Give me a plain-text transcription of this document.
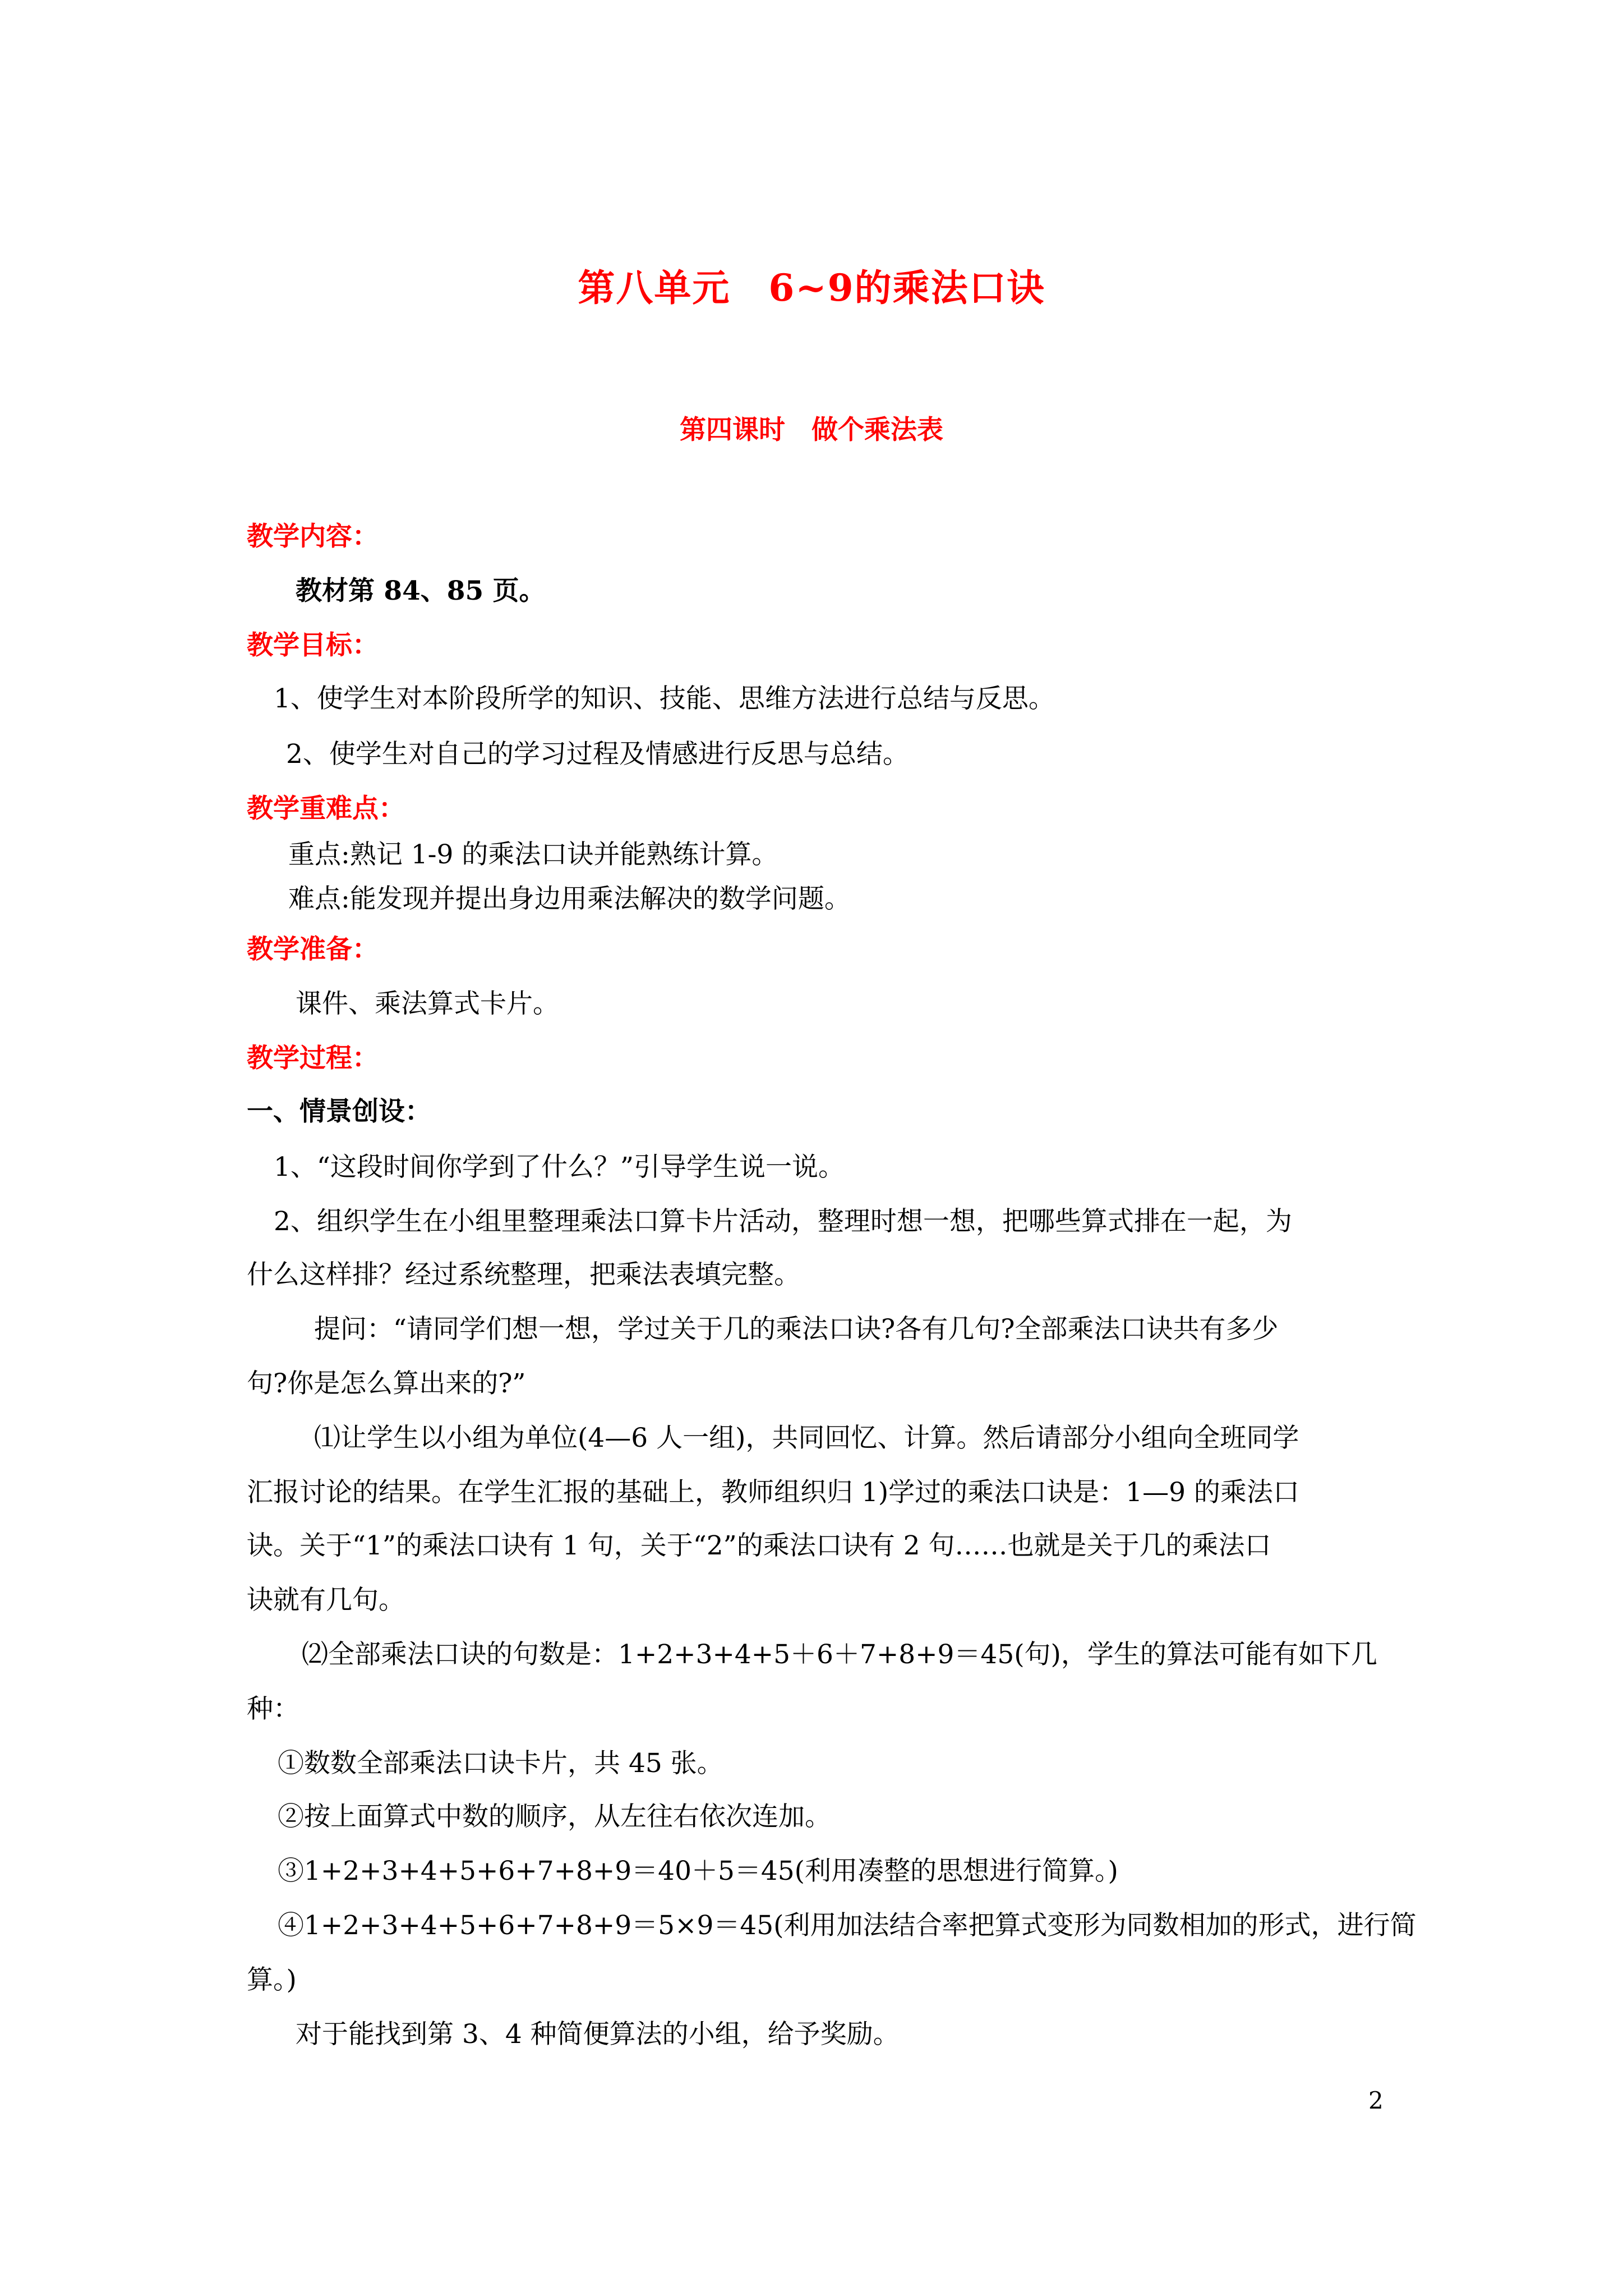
第八单元　6~9的乘法口诀
第四课时　做个乘法表
教学内容：
教材第 84、85 页。
教学目标：
1、使学生对本阶段所学的知识、技能、思维方法进行总结与反思。
2、使学生对自己的学习过程及情感进行反思与总结。
教学重难点：
重点:熟记 1-9 的乘法口诀并能熟练计算。
难点:能发现并提出身边用乘法解决的数学问题。
教学准备：
课件、乘法算式卡片。
教学过程：
一、情景创设：
1、“这段时间你学到了什么？”引导学生说一说。
2、组织学生在小组里整理乘法口算卡片活动，整理时想一想，把哪些算式排在一起，为
什么这样排？经过系统整理，把乘法表填完整。
提问：“请同学们想一想，学过关于几的乘法口诀?各有几句?全部乘法口诀共有多少
句?你是怎么算出来的?”
⑴让学生以小组为单位(4—6 人一组)，共同回忆、计算。然后请部分小组向全班同学
汇报讨论的结果。在学生汇报的基础上，教师组织归 1)学过的乘法口诀是：1—9 的乘法口
诀。关于“1”的乘法口诀有 1 句，关于“2”的乘法口诀有 2 句……也就是关于几的乘法口
诀就有几句。
⑵全部乘法口诀的句数是：1+2+3+4+5＋6＋7+8+9＝45(句)，学生的算法可能有如下几
种：
①数数全部乘法口诀卡片，共 45 张。
②按上面算式中数的顺序，从左往右依次连加。
③1+2+3+4+5+6+7+8+9＝40＋5＝45(利用凑整的思想进行简算。)
④1+2+3+4+5+6+7+8+9＝5×9＝45(利用加法结合率把算式变形为同数相加的形式，进行简
算。)
对于能找到第 3、4 种简便算法的小组，给予奖励。
2
